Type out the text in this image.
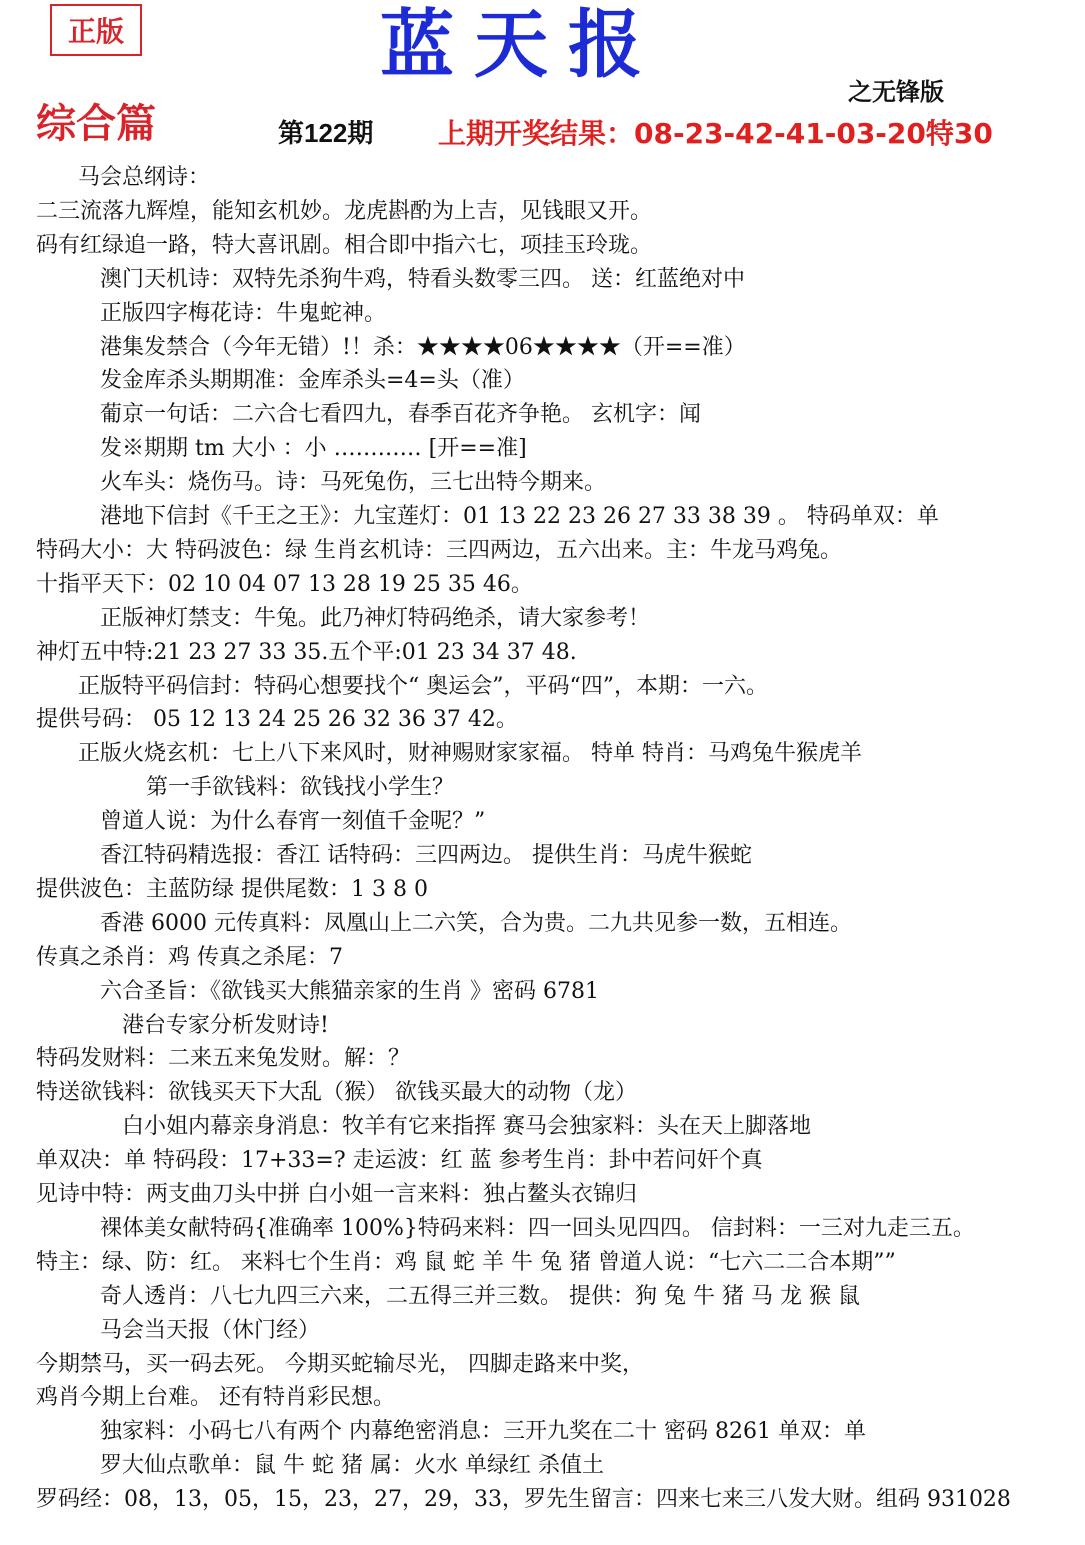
正版	蓝天报
之无锋版
综合篇	第122期 上期开奖结果：08-23-42-41-03-20特30
马会总纲诗：
二三流落九辉煌，能知玄机妙。龙虎斟酌为上吉，见钱眼又开。
码有红绿追一路，特大喜讯剧。相合即中指六七，项挂玉玲珑。
澳门天机诗：双特先杀狗牛鸡，特看头数零三四。 送：红蓝绝对中
正版四字梅花诗：牛鬼蛇神。
港集发禁合（今年无错）!！杀：★★★★06★★★★（开==准）
发金库杀头期期准：金库杀头=4=头（准）
葡京一句话：二六合七看四九，春季百花齐争艳。 玄机字：闻
发※期期 tm 大小 ：小 ………… [开==准]
火车头：烧伤马。诗：马死兔伤，三七出特今期来。
港地下信封《千王之王》：九宝莲灯：01 13 22 23 26 27 33 38 39 。 特码单双：单
特码大小：大 特码波色：绿 生肖玄机诗：三四两边，五六出来。主：牛龙马鸡兔。
十指平天下：02 10 04 07 13 28 19 25 35 46。
正版神灯禁支：牛兔。此乃神灯特码绝杀，请大家参考！
神灯五中特:21 23 27 33 35.五个平:01 23 34 37 48.
正版特平码信封：特码心想要找个“ 奥运会”，平码“四”，本期：一六。
提供号码： 05 12 13 24 25 26 32 36 37 42。
正版火烧玄机：七上八下来风时，财神赐财家家福。 特单 特肖：马鸡兔牛猴虎羊
第一手欲钱料：欲钱找小学生？
曾道人说：为什么春宵一刻值千金呢？”
香江特码精选报：香江 话特码：三四两边。 提供生肖：马虎牛猴蛇
提供波色：主蓝防绿 提供尾数：1 3 8 0
香港 6000 元传真料：凤凰山上二六笑，合为贵。二九共见参一数，五相连。
传真之杀肖：鸡 传真之杀尾：7
六合圣旨：《欲钱买大熊猫亲家的生肖 》密码 6781
港台专家分析发财诗!
特码发财料：二来五来兔发财。解：？
特送欲钱料：欲钱买天下大乱（猴） 欲钱买最大的动物（龙）
白小姐内幕亲身消息：牧羊有它来指挥 赛马会独家料：头在天上脚落地
单双决：单 特码段：17+33=? 走运波：红 蓝 参考生肖：卦中若问奸个真
见诗中特：两支曲刀头中拼 白小姐一言来料：独占鳌头衣锦归
裸体美女献特码{准确率 100%}特码来料：四一回头见四四。 信封料：一三对九走三五。
特主：绿、防：红。 来料七个生肖：鸡 鼠 蛇 羊 牛 兔 猪 曾道人说：“七六二二合本期””
奇人透肖：八七九四三六来，二五得三并三数。 提供：狗 兔 牛 猪 马 龙 猴 鼠
马会当天报（休门经）
今期禁马，买一码去死。 今期买蛇输尽光， 四脚走路来中奖，
鸡肖今期上台难。 还有特肖彩民想。
独家料：小码七八有两个 内幕绝密消息：三开九奖在二十 密码 8261 单双：单
罗大仙点歌单：鼠 牛 蛇 猪 属：火水 单绿红 杀值土
罗码经：08，13，05，15，23，27，29，33，罗先生留言：四来七来三八发大财。组码 931028
